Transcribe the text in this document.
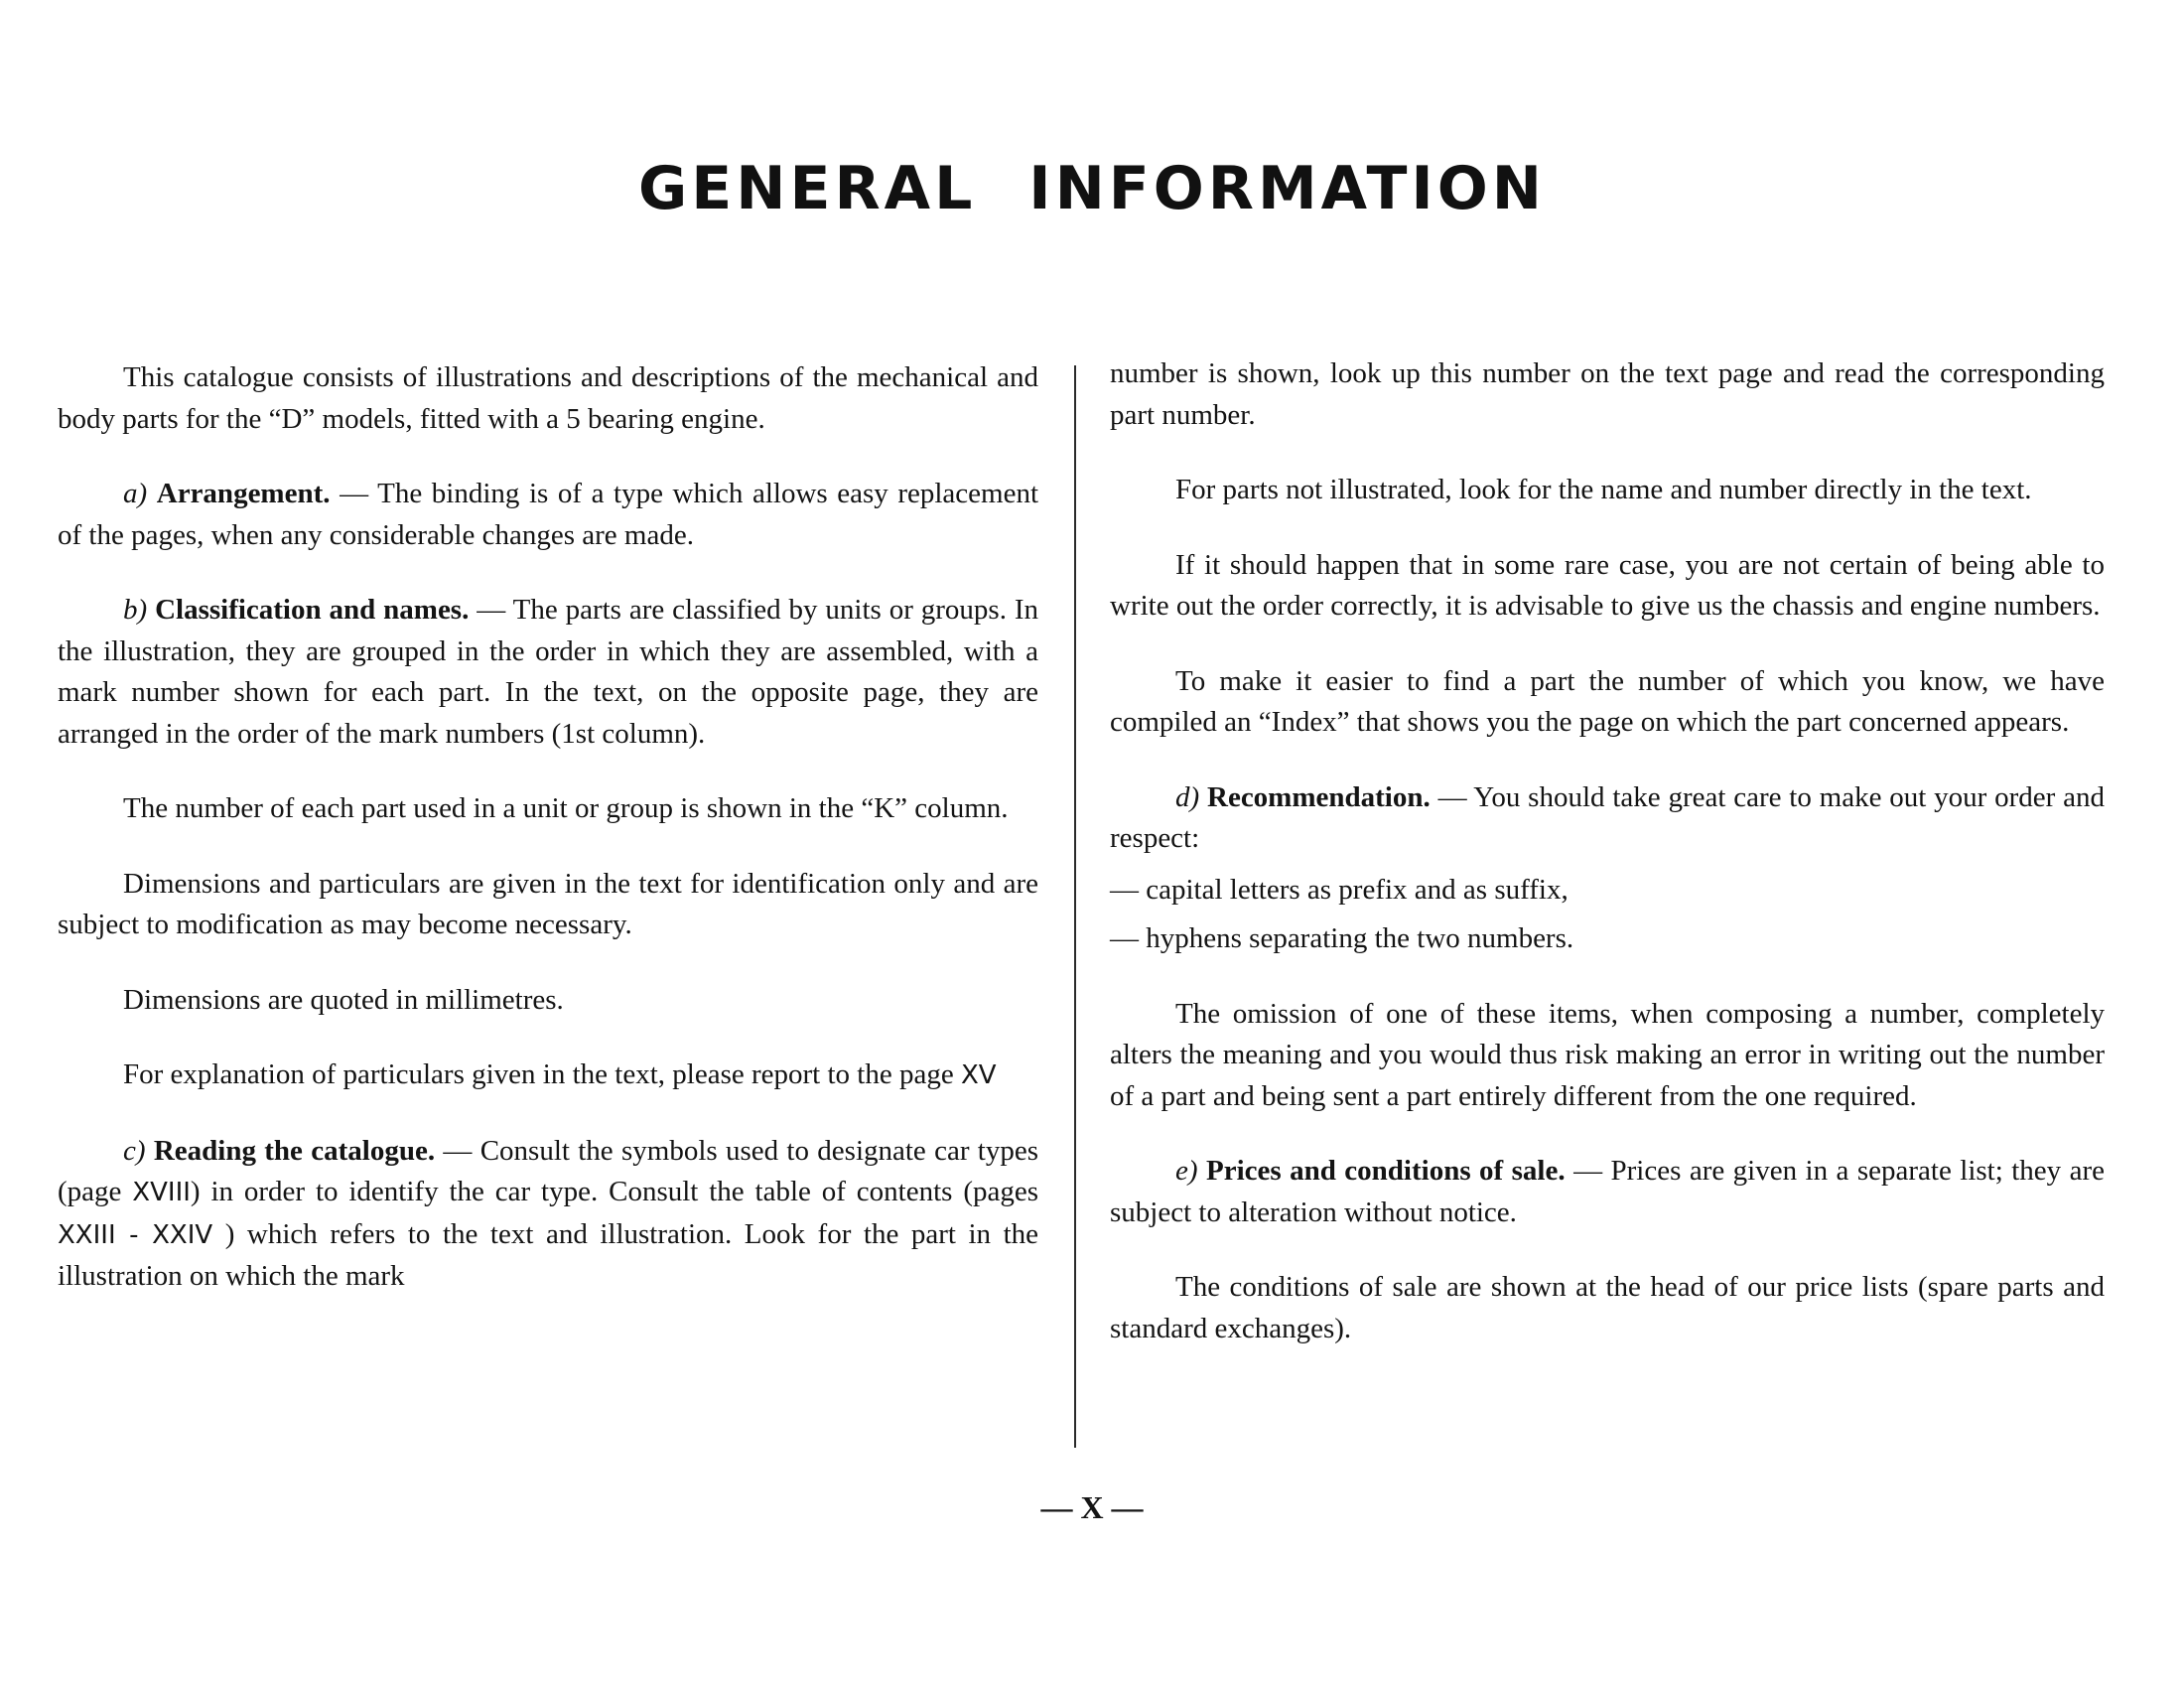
GENERAL INFORMATION

This catalogue consists of illustrations and descriptions of the mechanical and body parts for the “D” models, fitted with a 5 bearing engine.

a) Arrangement. — The binding is of a type which allows easy replacement of the pages, when any considerable changes are made.

b) Classification and names. — The parts are classified by units or groups. In the illustration, they are grouped in the order in which they are assembled, with a mark number shown for each part. In the text, on the opposite page, they are arranged in the order of the mark numbers (1st column).

The number of each part used in a unit or group is shown in the “K” column.

Dimensions and particulars are given in the text for identification only and are subject to modification as may become necessary.

Dimensions are quoted in millimetres.

For explanation of particulars given in the text, please report to the page XV

c) Reading the catalogue. — Consult the symbols used to designate car types (page XVIII) in order to identify the car type. Consult the table of contents (pages XXIII - XXIV ) which refers to the text and illustration. Look for the part in the illustration on which the mark

number is shown, look up this number on the text page and read the corresponding part number.

For parts not illustrated, look for the name and number directly in the text.

If it should happen that in some rare case, you are not certain of being able to write out the order correctly, it is advisable to give us the chassis and engine numbers.

To make it easier to find a part the number of which you know, we have compiled an “Index” that shows you the page on which the part concerned appears.

d) Recommendation. — You should take great care to make out your order and respect:

— capital letters as prefix and as suffix,

— hyphens separating the two numbers.

The omission of one of these items, when composing a number, completely alters the meaning and you would thus risk making an error in writing out the number of a part and being sent a part entirely different from the one required.

e) Prices and conditions of sale. — Prices are given in a separate list; they are subject to alteration without notice.

The conditions of sale are shown at the head of our price lists (spare parts and standard exchanges).

— X —
